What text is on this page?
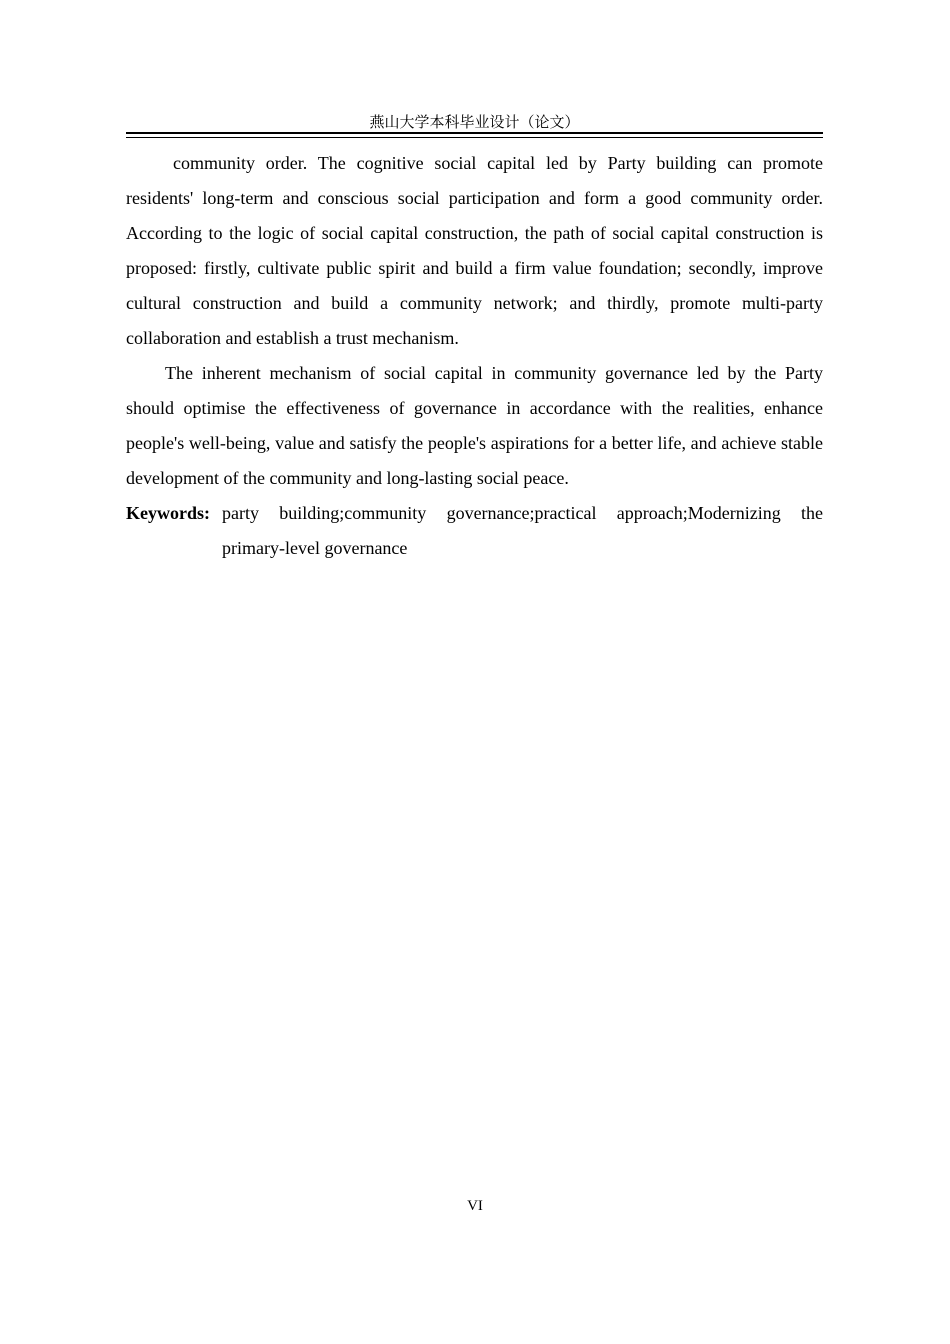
燕山大学本科毕业设计（论文）

community order. The cognitive social capital led by Party building can promote residents' long-term and conscious social participation and form a good community order. According to the logic of social capital construction, the path of social capital construction is proposed: firstly, cultivate public spirit and build a firm value foundation; secondly, improve cultural construction and build a community network; and thirdly, promote multi-party collaboration and establish a trust mechanism.

The inherent mechanism of social capital in community governance led by the Party should optimise the effectiveness of governance in accordance with the realities, enhance people's well-being, value and satisfy the people's aspirations for a better life, and achieve stable development of the community and long-lasting social peace.

Keywords: party building;community governance;practical approach;Modernizing the primary-level governance
VI
